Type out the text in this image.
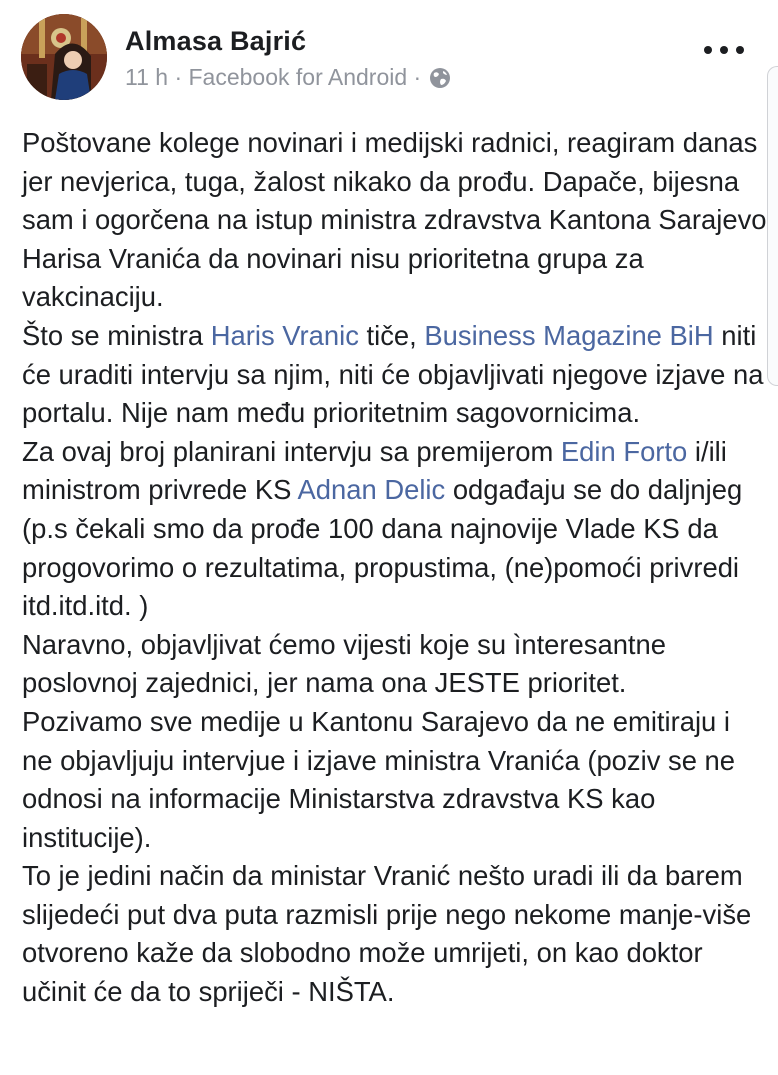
Almasa Bajrić
11 h · Facebook for Android ·

Poštovane kolege novinari i medijski radnici, reagiram danas jer nevjerica, tuga, žalost nikako da prođu. Dapače, bijesna sam i ogorčena na istup ministra zdravstva Kantona Sarajevo Harisa Vranića da novinari nisu prioritetna grupa za vakcinaciju.

Što se ministra Haris Vranic tiče, Business Magazine BiH niti će uraditi intervju sa njim, niti će objavljivati njegove izjave na portalu. Nije nam među prioritetnim sagovornicima.

Za ovaj broj planirani intervju sa premijerom Edin Forto i/ili ministrom privrede KS Adnan Delic odgađaju se do daljnjeg (p.s čekali smo da prođe 100 dana najnovije Vlade KS da progovorimo o rezultatima, propustima, (ne)pomoći privredi itd.itd.itd. )

Naravno, objavljivat ćemo vijesti koje su ìnteresantne poslovnoj zajednici, jer nama ona JESTE prioritet.

Pozivamo sve medije u Kantonu Sarajevo da ne emitiraju i ne objavljuju intervjue i izjave ministra Vranića (poziv se ne odnosi na informacije Ministarstva zdravstva KS kao institucije).

To je jedini način da ministar Vranić nešto uradi ili da barem slijedeći put dva puta razmisli prije nego nekome manje-više otvoreno kaže da slobodno može umrijeti, on kao doktor učinit će da to spriječi - NIŠTA.
